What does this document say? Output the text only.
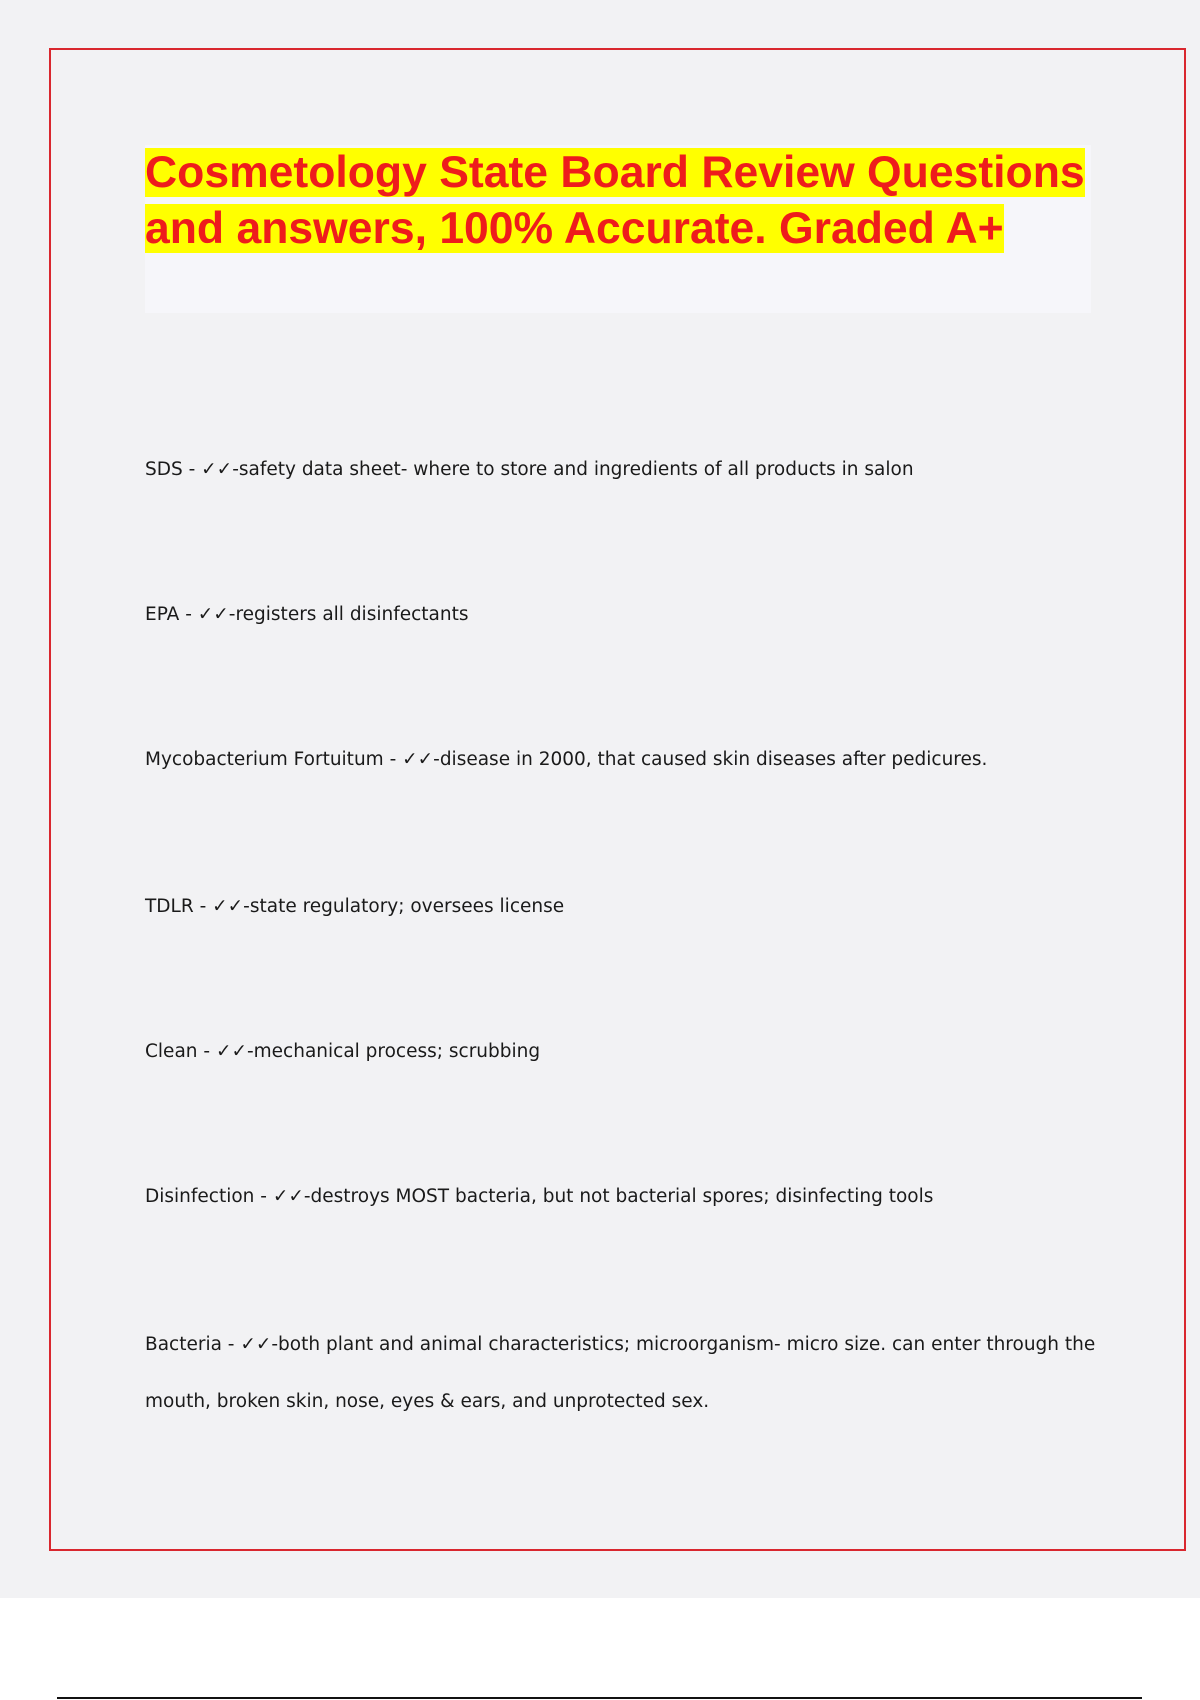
Cosmetology State Board Review Questions and answers, 100% Accurate. Graded A+
SDS - ✓✓-safety data sheet- where to store and ingredients of all products in salon
EPA - ✓✓-registers all disinfectants
Mycobacterium Fortuitum - ✓✓-disease in 2000, that caused skin diseases after pedicures.
TDLR - ✓✓-state regulatory; oversees license
Clean - ✓✓-mechanical process; scrubbing
Disinfection - ✓✓-destroys MOST bacteria, but not bacterial spores; disinfecting tools
Bacteria - ✓✓-both plant and animal characteristics; microorganism- micro size. can enter through the mouth, broken skin, nose, eyes & ears, and unprotected sex.
